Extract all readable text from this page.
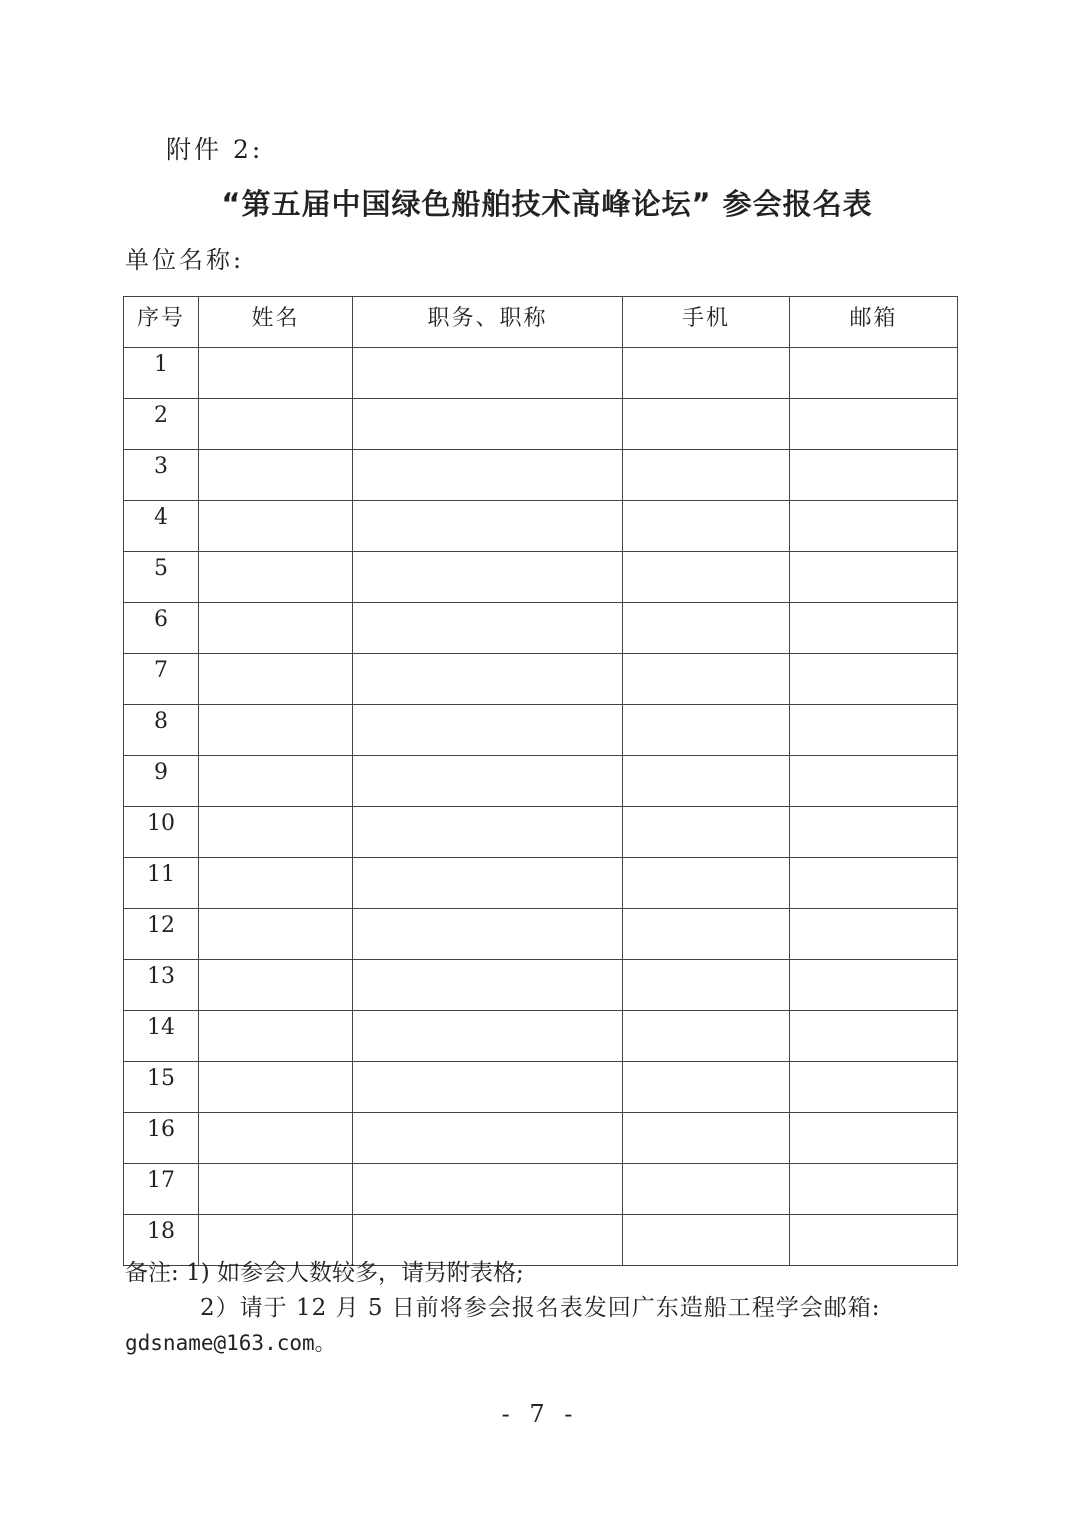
附件 2:
“第五届中国绿色船舶技术高峰论坛” 参会报名表
单位名称:
序号	姓名	职务、职称	手机	邮箱
1				
2				
3				
4				
5				
6				
7				
8				
9				
10				
11				
12				
13				
14				
15				
16				
17				
18				
备注: 1) 如参会人数较多，请另附表格;
2）请于 12 月 5 日前将参会报名表发回广东造船工程学会邮箱:
gdsname@163.com。
- 7 -
